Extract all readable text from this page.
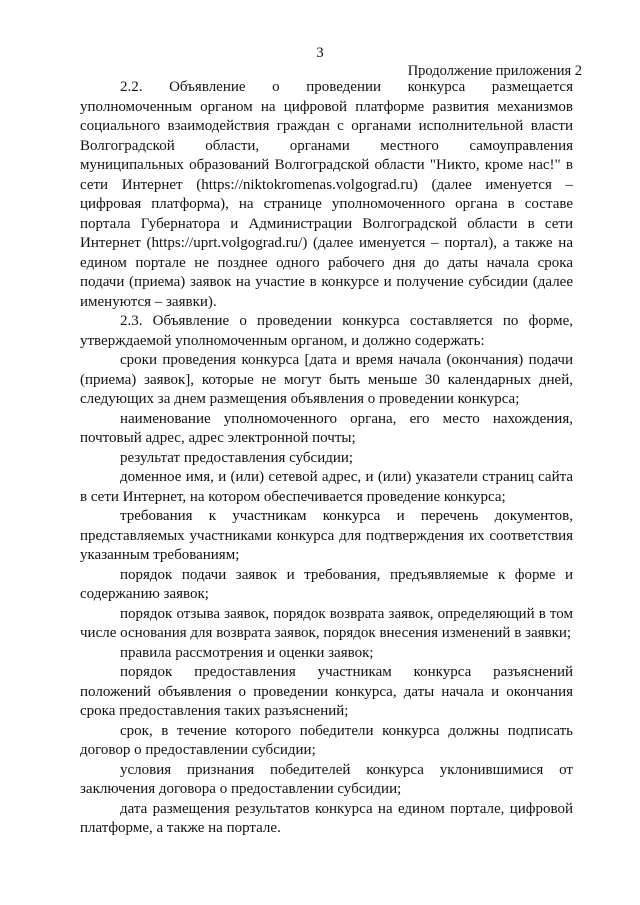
3
Продолжение приложения 2

2.2. Объявление о проведении конкурса размещается уполномоченным органом на цифровой платформе развития механизмов социального взаимодействия граждан с органами исполнительной власти Волгоградской области, органами местного самоуправления муниципальных образований Волгоградской области "Никто, кроме нас!" в сети Интернет (https://niktokromenas.volgograd.ru) (далее именуется – цифровая платформа), на странице уполномоченного органа в составе портала Губернатора и Администрации Волгоградской области в сети Интернет (https://uprt.volgograd.ru/) (далее именуется – портал), а также на едином портале не позднее одного рабочего дня до даты начала срока подачи (приема) заявок на участие в конкурсе и получение субсидии (далее именуются – заявки).

2.3. Объявление о проведении конкурса составляется по форме, утверждаемой уполномоченным органом, и должно содержать:

сроки проведения конкурса [дата и время начала (окончания) подачи (приема) заявок], которые не могут быть меньше 30 календарных дней, следующих за днем размещения объявления о проведении конкурса;

наименование уполномоченного органа, его место нахождения, почтовый адрес, адрес электронной почты;

результат предоставления субсидии;

доменное имя, и (или) сетевой адрес, и (или) указатели страниц сайта в сети Интернет, на котором обеспечивается проведение конкурса;

требования к участникам конкурса и перечень документов, представляемых участниками конкурса для подтверждения их соответствия указанным требованиям;

порядок подачи заявок и требования, предъявляемые к форме и содержанию заявок;

порядок отзыва заявок, порядок возврата заявок, определяющий в том числе основания для возврата заявок, порядок внесения изменений в заявки;

правила рассмотрения и оценки заявок;

порядок предоставления участникам конкурса разъяснений положений объявления о проведении конкурса, даты начала и окончания срока предоставления таких разъяснений;

срок, в течение которого победители конкурса должны подписать договор о предоставлении субсидии;

условия признания победителей конкурса уклонившимися от заключения договора о предоставлении субсидии;

дата размещения результатов конкурса на едином портале, цифровой платформе, а также на портале.
